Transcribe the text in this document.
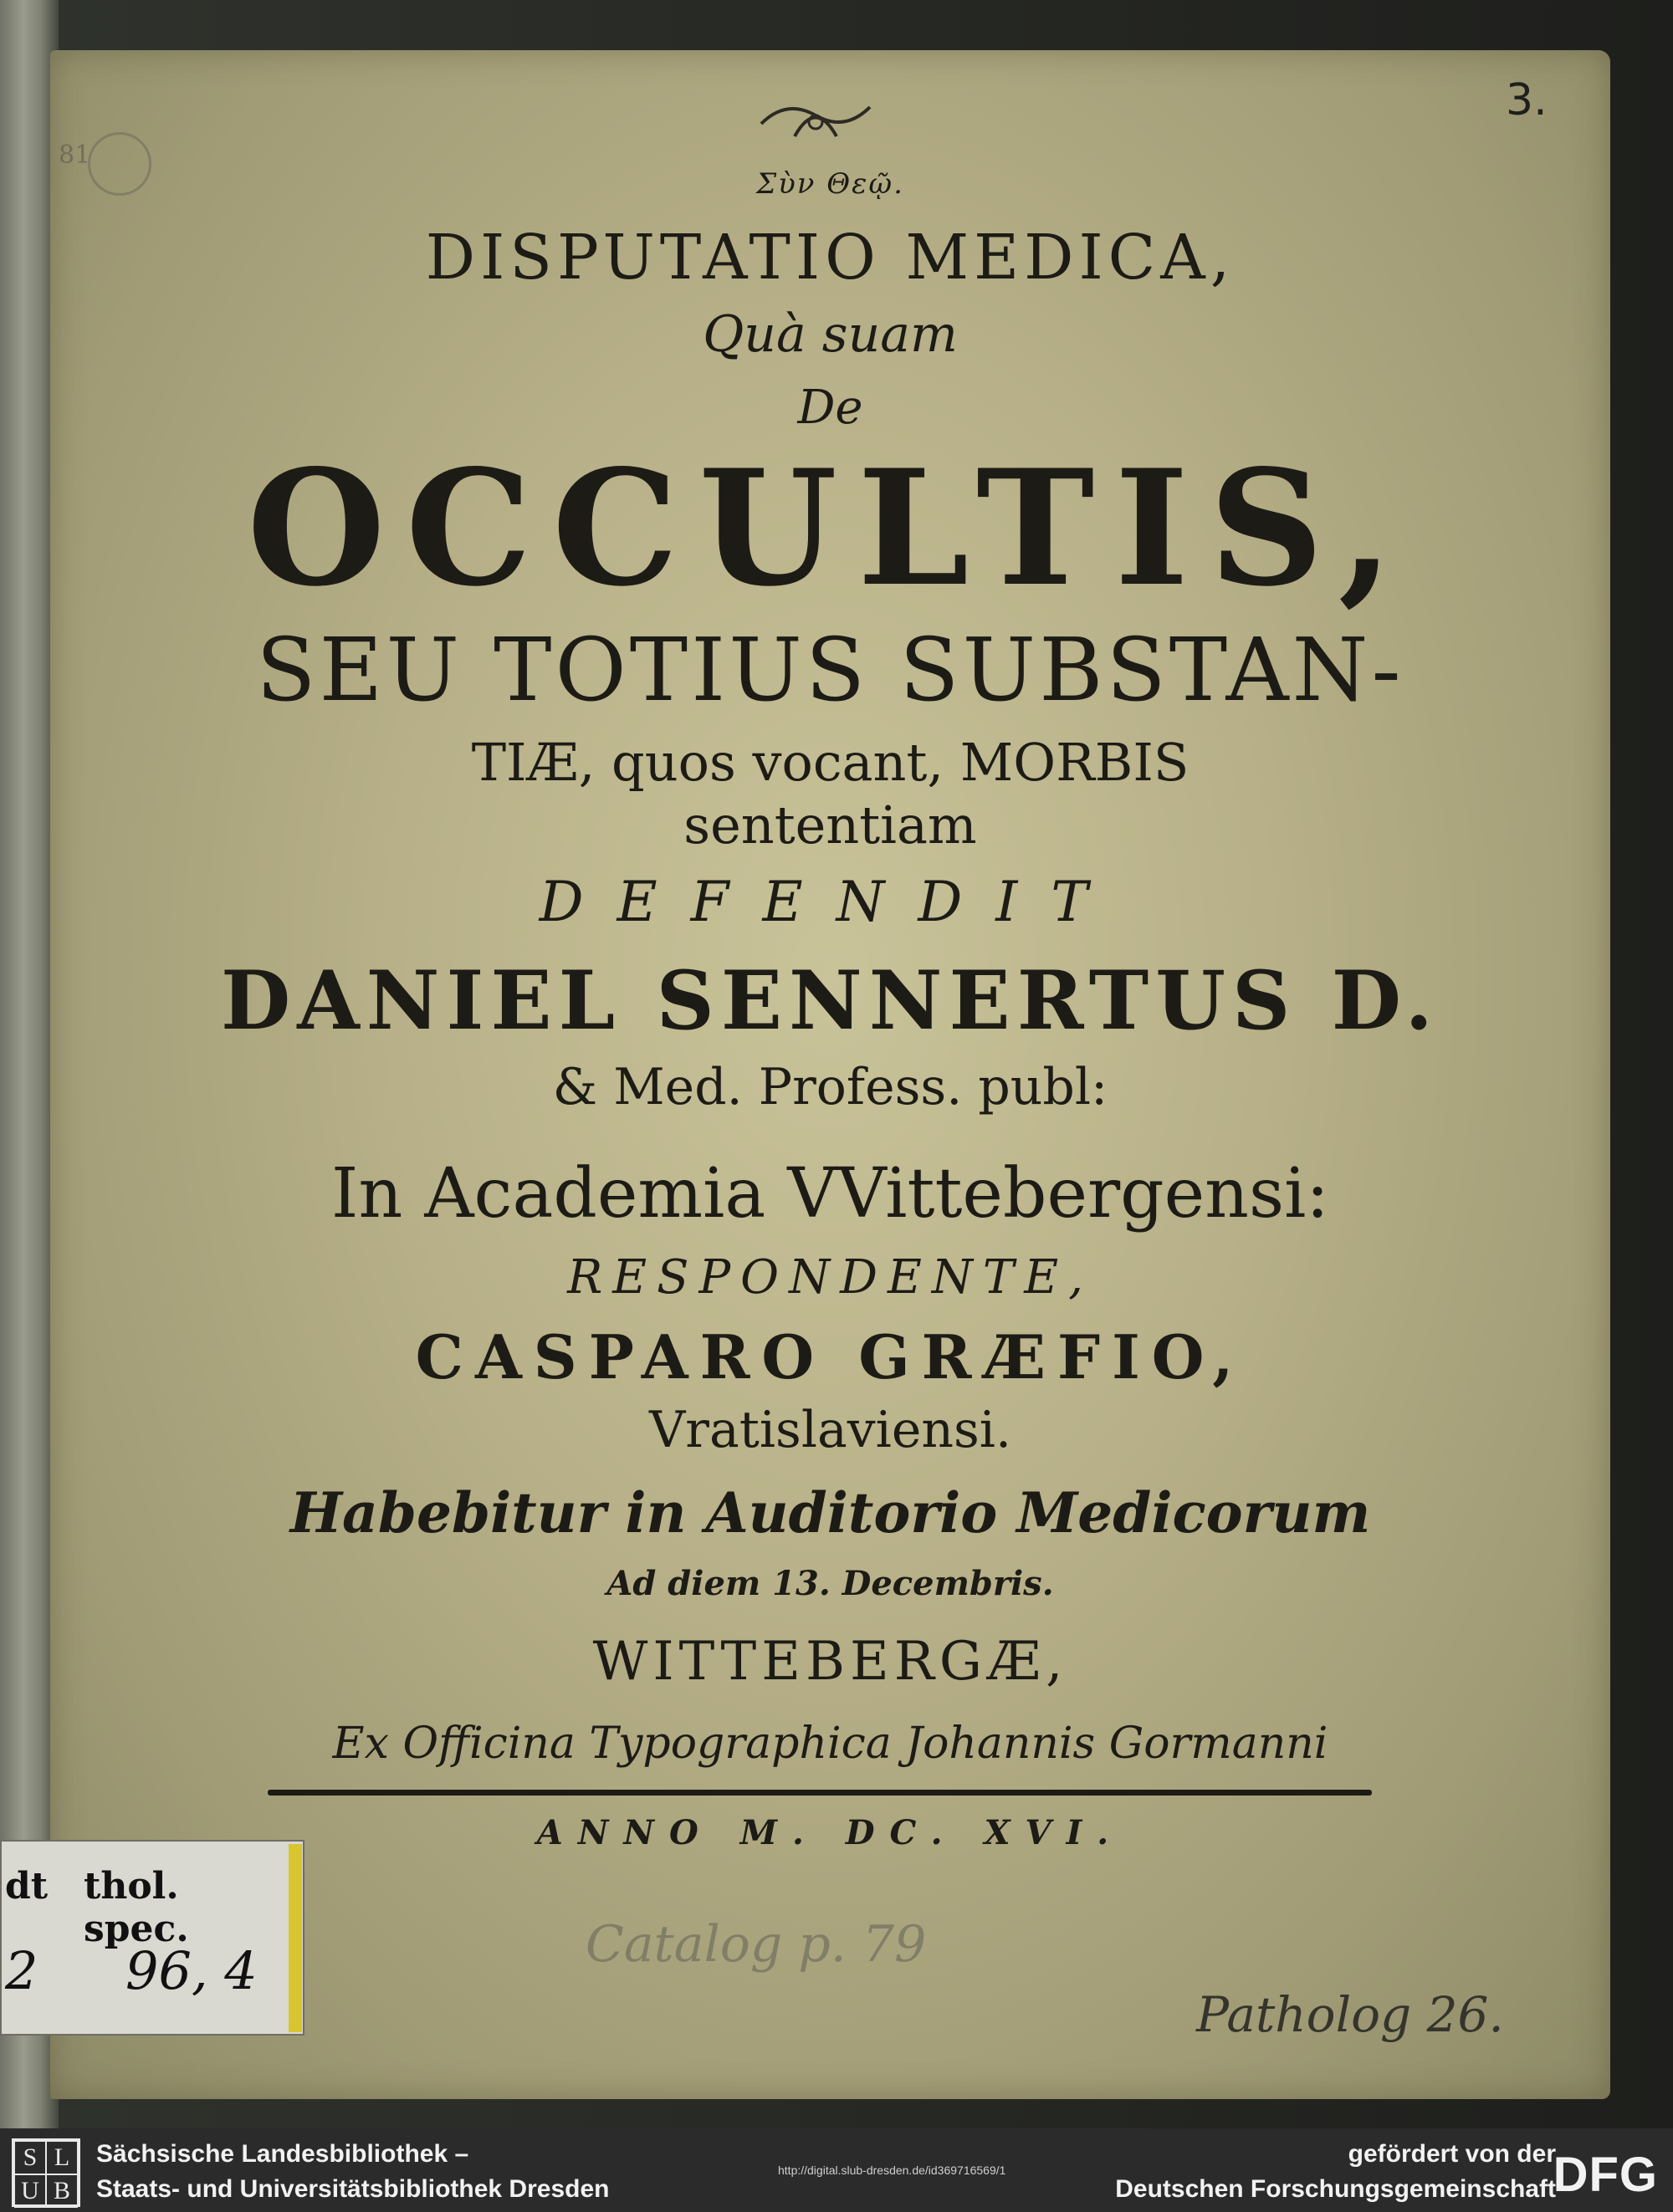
3.
81
Σὺν Θεῷ.
DISPUTATIO MEDICA,
Quà suam
De
OCCULTIS,
SEU TOTIUS SUBSTAN-
TIÆ, quos vocant, MORBIS
sententiam
DEFENDIT
DANIEL SENNERTUS D.
& Med. Profess. publ:
In Academia VVittebergensi:
RESPONDENTE,
CASPARO GRÆFIO,
Vratislaviensi.
Habebitur in Auditorio Medicorum
Ad diem 13. Decembris.
WITTEBERGÆ,
Ex Officina Typographica Johannis Gormanni
ANNO M. DC. XVI.
dt thol. spec.
2	96, 4	Catalog p. 79
Patholog 26.
S L
U B
Sächsische Landesbibliothek –
Staats- und Universitätsbibliothek Dresden
http://digital.slub-dresden.de/id369716569/1
gefördert von der
Deutschen Forschungsgemeinschaft
DFG
